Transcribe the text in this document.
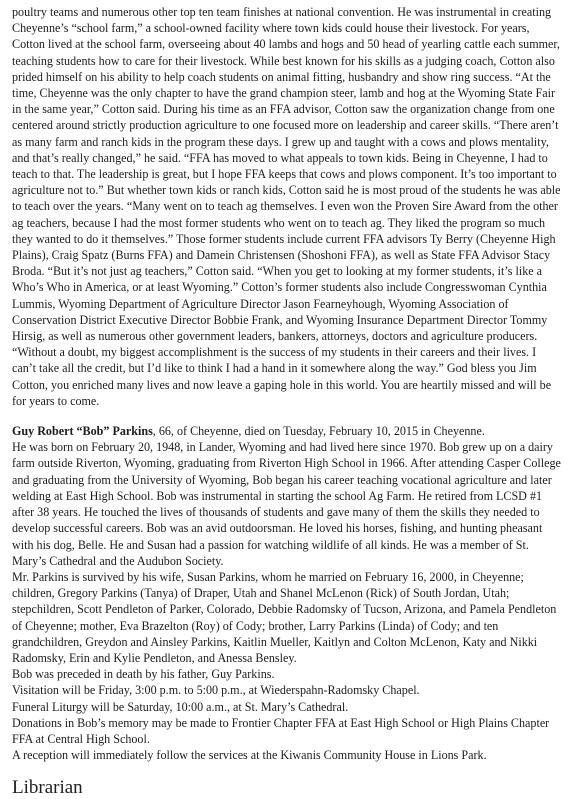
poultry teams and numerous other top ten team finishes at national convention. He was instrumental in creating Cheyenne’s “school farm,” a school-owned facility where town kids could house their livestock. For years, Cotton lived at the school farm, overseeing about 40 lambs and hogs and 50 head of yearling cattle each summer, teaching students how to care for their livestock. While best known for his skills as a judging coach, Cotton also prided himself on his ability to help coach students on animal fitting, husbandry and show ring success. “At the time, Cheyenne was the only chapter to have the grand champion steer, lamb and hog at the Wyoming State Fair in the same year,” Cotton said. During his time as an FFA advisor, Cotton saw the organization change from one centered around strictly production agriculture to one focused more on leadership and career skills. “There aren’t as many farm and ranch kids in the program these days. I grew up and taught with a cows and plows mentality, and that’s really changed,” he said. “FFA has moved to what appeals to town kids. Being in Cheyenne, I had to teach to that. The leadership is great, but I hope FFA keeps that cows and plows component. It’s too important to agriculture not to.” But whether town kids or ranch kids, Cotton said he is most proud of the students he was able to teach over the years. “Many went on to teach ag themselves. I even won the Proven Sire Award from the other ag teachers, because I had the most former students who went on to teach ag. They liked the program so much they wanted to do it themselves.” Those former students include current FFA advisors Ty Berry (Cheyenne High Plains), Craig Spatz (Burns FFA) and Damein Christensen (Shoshoni FFA), as well as State FFA Advisor Stacy Broda. “But it’s not just ag teachers,” Cotton said. “When you get to looking at my former students, it’s like a Who’s Who in America, or at least Wyoming.” Cotton’s former students also include Congresswoman Cynthia Lummis, Wyoming Department of Agriculture Director Jason Fearneyhough, Wyoming Association of Conservation District Executive Director Bobbie Frank, and Wyoming Insurance Department Director Tommy Hirsig, as well as numerous other government leaders, bankers, attorneys, doctors and agriculture producers.

“Without a doubt, my biggest accomplishment is the success of my students in their careers and their lives. I can’t take all the credit, but I’d like to think I had a hand in it somewhere along the way.” God bless you Jim Cotton, you enriched many lives and now leave a gaping hole in this world. You are heartily missed and will be for years to come.

Guy Robert “Bob” Parkins, 66, of Cheyenne, died on Tuesday, February 10, 2015 in Cheyenne.

He was born on February 20, 1948, in Lander, Wyoming and had lived here since 1970. Bob grew up on a dairy farm outside Riverton, Wyoming, graduating from Riverton High School in 1966. After attending Casper College and graduating from the University of Wyoming, Bob began his career teaching vocational agriculture and later welding at East High School. Bob was instrumental in starting the school Ag Farm. He retired from LCSD #1 after 38 years. He touched the lives of thousands of students and gave many of them the skills they needed to develop successful careers. Bob was an avid outdoorsman. He loved his horses, fishing, and hunting pheasant with his dog, Belle. He and Susan had a passion for watching wildlife of all kinds. He was a member of St. Mary’s Cathedral and the Audubon Society.

Mr. Parkins is survived by his wife, Susan Parkins, whom he married on February 16, 2000, in Cheyenne; children, Gregory Parkins (Tanya) of Draper, Utah and Shanel McLenon (Rick) of South Jordan, Utah; stepchildren, Scott Pendleton of Parker, Colorado, Debbie Radomsky of Tucson, Arizona, and Pamela Pendleton of Cheyenne; mother, Eva Brazelton (Roy) of Cody; brother, Larry Parkins (Linda) of Cody; and ten grandchildren, Greydon and Ainsley Parkins, Kaitlin Mueller, Kaitlyn and Colton McLenon, Katy and Nikki Radomsky, Erin and Kylie Pendleton, and Anessa Bensley.

Bob was preceded in death by his father, Guy Parkins.

Visitation will be Friday, 3:00 p.m. to 5:00 p.m., at Wiederspahn-Radomsky Chapel.

Funeral Liturgy will be Saturday, 10:00 a.m., at St. Mary’s Cathedral.

Donations in Bob’s memory may be made to Frontier Chapter FFA at East High School or High Plains Chapter FFA at Central High School.

A reception will immediately follow the services at the Kiwanis Community House in Lions Park.

Librarian
